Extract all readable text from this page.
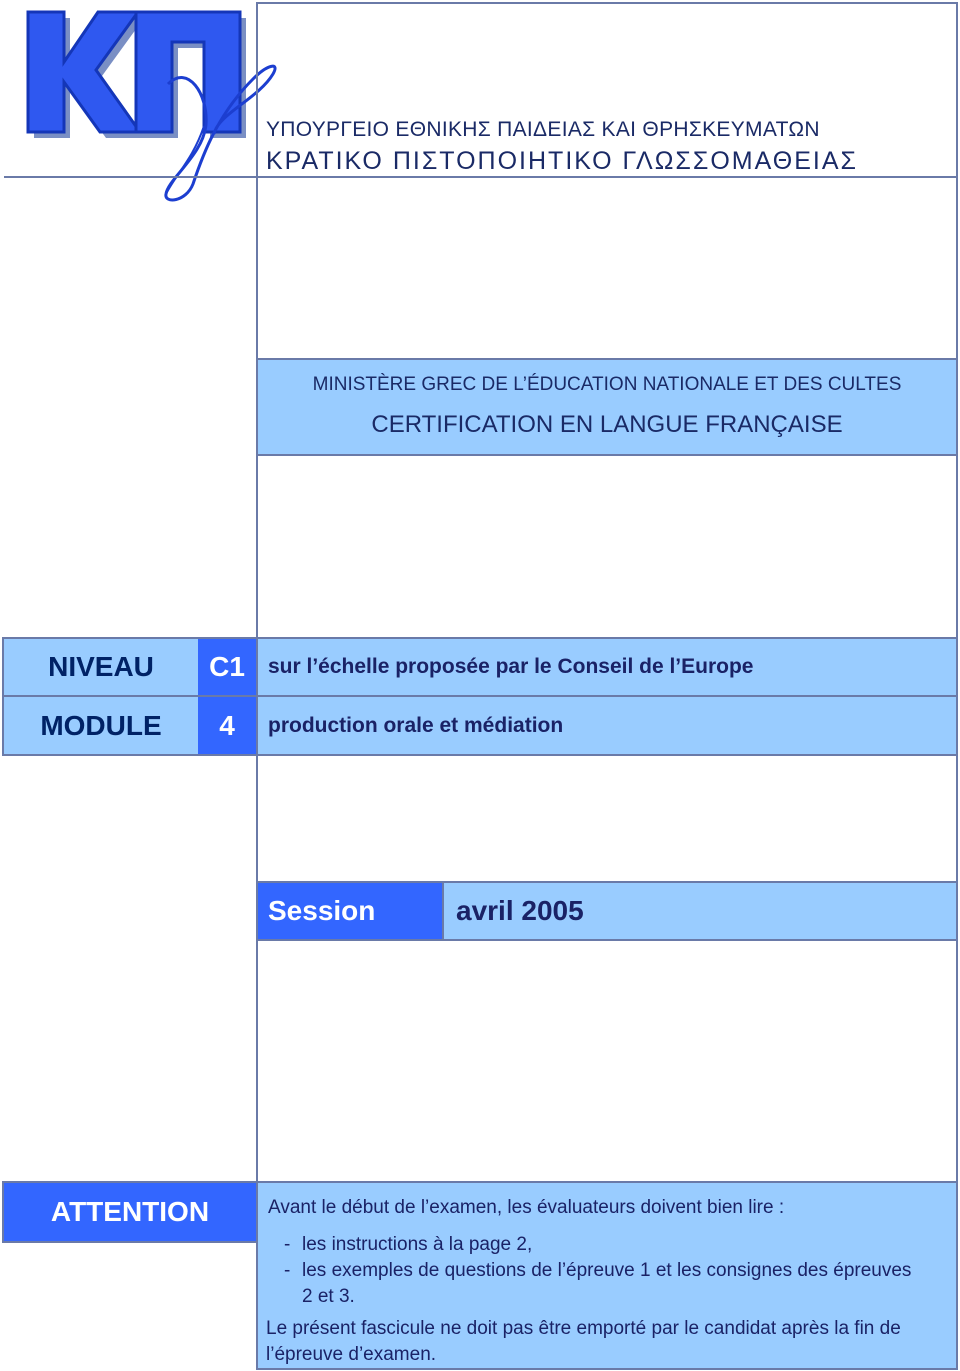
ΥΠΟΥΡΓΕΙΟ ΕΘΝΙΚΗΣ ΠΑΙΔΕΙΑΣ ΚΑΙ ΘΡΗΣΚΕΥΜΑΤΩΝ
ΚΡΑΤΙΚΟ ΠΙΣΤΟΠΟΙΗΤΙΚΟ ΓΛΩΣΣΟΜΑΘΕΙΑΣ
MINISTÈRE GREC DE L’ÉDUCATION NATIONALE ET DES CULTES
CERTIFICATION EN LANGUE FRANÇAISE
NIVEAU	C1	sur l’échelle proposée par le Conseil de l’Europe
MODULE	4	production orale et médiation
Session	avril 2005
ATTENTION	Avant le début de l’examen, les évaluateurs doivent bien lire :
- les instructions à la page 2,
- les exemples de questions de l’épreuve 1 et les consignes des épreuves 2 et 3.
Le présent fascicule ne doit pas être emporté par le candidat après la fin de l’épreuve d’examen.
